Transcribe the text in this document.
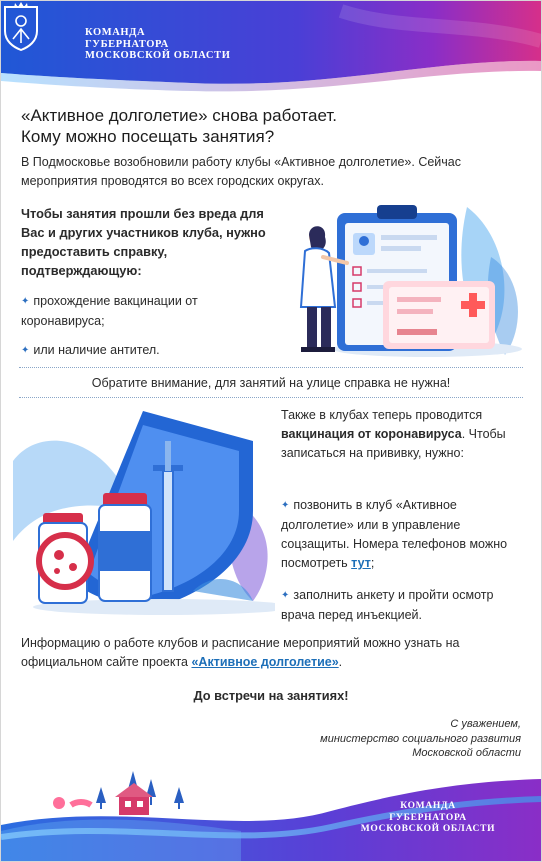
КОМАНДА
ГУБЕРНАТОРА
МОСКОВСКОЙ ОБЛАСТИ
«Активное долголетие» снова работает.
Кому можно посещать занятия?

В Подмосковье возобновили работу клубы «Активное долголетие». Сейчас мероприятия проводятся во всех городских округах.

Чтобы занятия прошли без вреда для Вас и других участников клуба, нужно предоставить справку, подтверждающую:

✦ прохождение вакцинации от коронавируса;

✦ или наличие антител.

Обратите внимание, для занятий на улице справка не нужна!

Также в клубах теперь проводится вакцинация от коронавируса. Чтобы записаться на прививку, нужно:

✦ позвонить в клуб «Активное долголетие» или в управление соцзащиты. Номера телефонов можно посмотреть тут;

✦ заполнить анкету и пройти осмотр врача перед инъекцией.

Информацию о работе клубов и расписание мероприятий можно узнать на официальном сайте проекта «Активное долголетие».

До встречи на занятиях!

С уважением,
министерство социального развития
Московской области
КОМАНДА
ГУБЕРНАТОРА
МОСКОВСКОЙ ОБЛАСТИ
